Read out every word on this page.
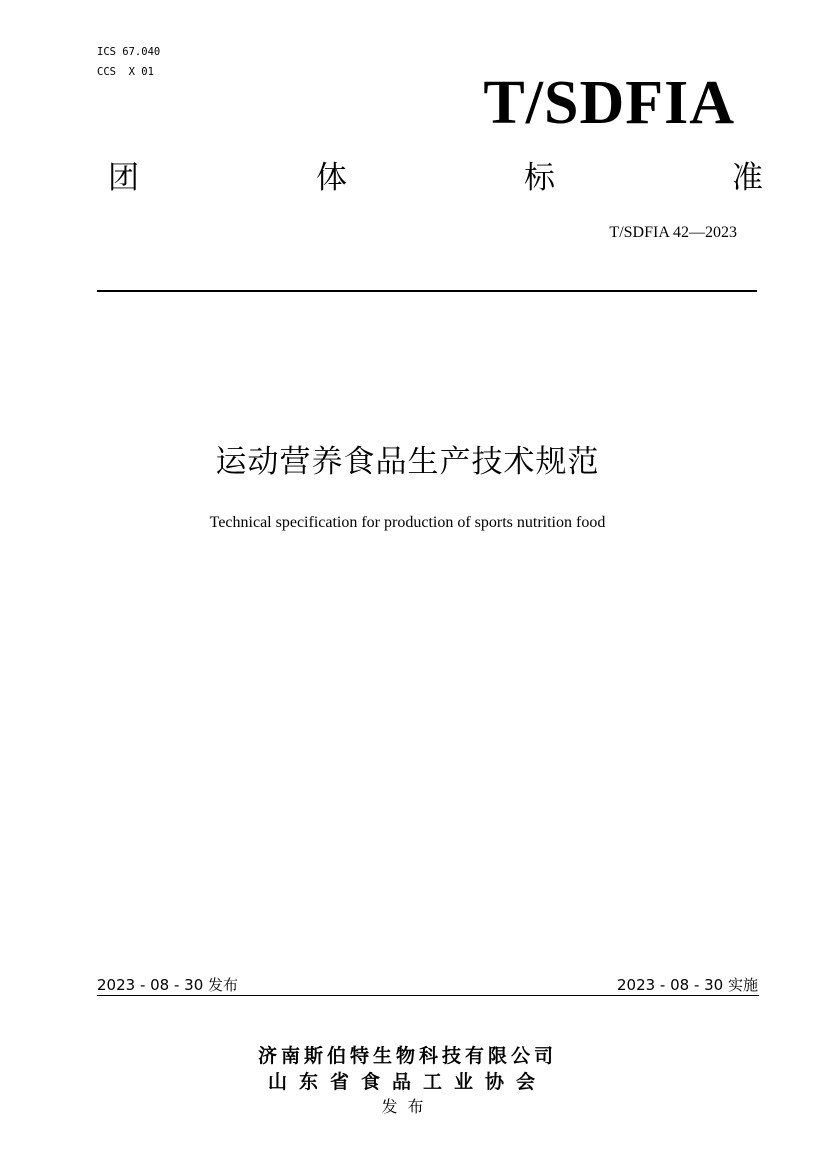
ICS 67.040
CCS  X 01	T/SDFIA
团	体	标	准
T/SDFIA 42—2023
运动营养食品生产技术规范
Technical specification for production of sports nutrition food
2023 - 08 - 30 发布	2023 - 08 - 30 实施
济南斯伯特生物科技有限公司
山东省食品工业协会
发布
